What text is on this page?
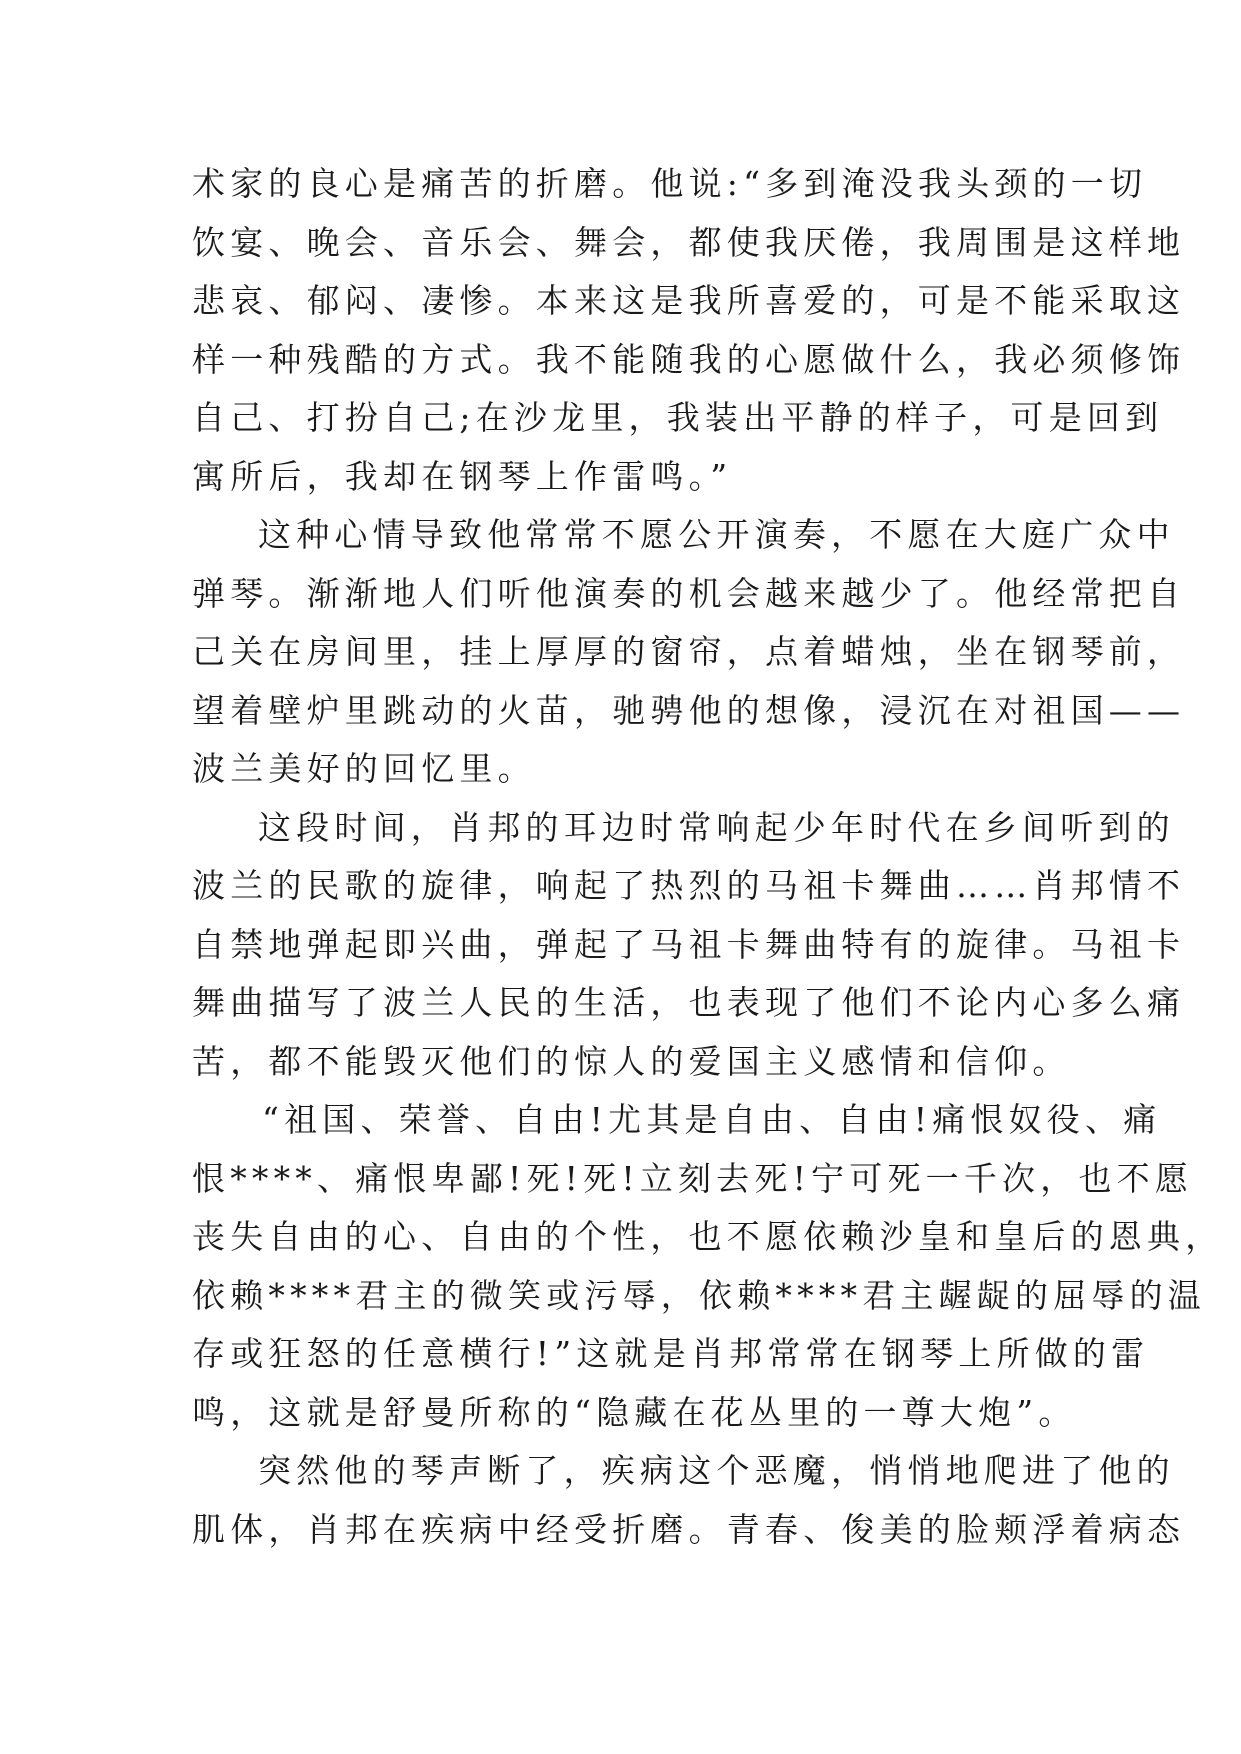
术家的良心是痛苦的折磨。他说:“多到淹没我头颈的一切
饮宴、晚会、音乐会、舞会，都使我厌倦，我周围是这样地
悲哀、郁闷、凄惨。本来这是我所喜爱的，可是不能采取这
样一种残酷的方式。我不能随我的心愿做什么，我必须修饰
自己、打扮自己;在沙龙里，我装出平静的样子，可是回到
寓所后，我却在钢琴上作雷鸣。”
这种心情导致他常常不愿公开演奏，不愿在大庭广众中
弹琴。渐渐地人们听他演奏的机会越来越少了。他经常把自
己关在房间里，挂上厚厚的窗帘，点着蜡烛，坐在钢琴前，
望着壁炉里跳动的火苗，驰骋他的想像，浸沉在对祖国——
波兰美好的回忆里。
这段时间，肖邦的耳边时常响起少年时代在乡间听到的
波兰的民歌的旋律，响起了热烈的马祖卡舞曲……肖邦情不
自禁地弹起即兴曲，弹起了马祖卡舞曲特有的旋律。马祖卡
舞曲描写了波兰人民的生活，也表现了他们不论内心多么痛
苦，都不能毁灭他们的惊人的爱国主义感情和信仰。
“祖国、荣誉、自由!尤其是自由、自由!痛恨奴役、痛
恨****、痛恨卑鄙!死!死!立刻去死!宁可死一千次，也不愿
丧失自由的心、自由的个性，也不愿依赖沙皇和皇后的恩典，
依赖****君主的微笑或污辱，依赖****君主龌龊的屈辱的温
存或狂怒的任意横行!”这就是肖邦常常在钢琴上所做的雷
鸣，这就是舒曼所称的“隐藏在花丛里的一尊大炮”。
突然他的琴声断了，疾病这个恶魔，悄悄地爬进了他的
肌体，肖邦在疾病中经受折磨。青春、俊美的脸颊浮着病态
